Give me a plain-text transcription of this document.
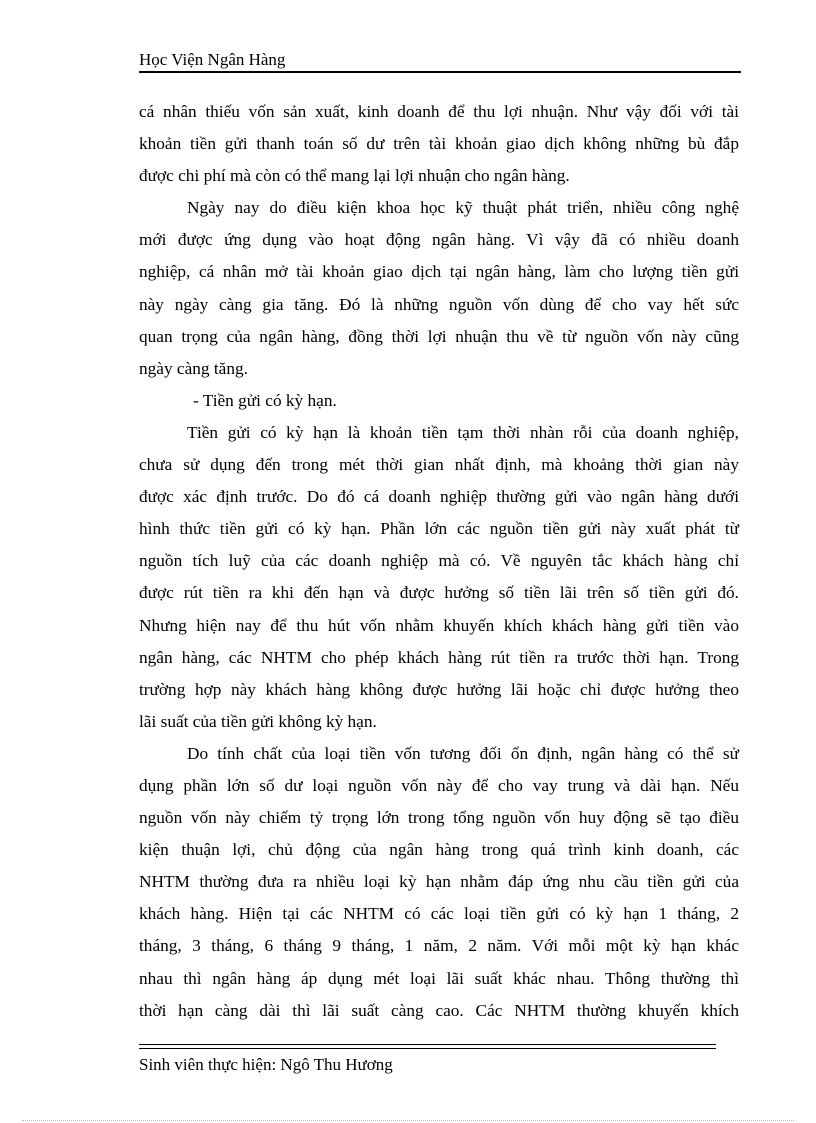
Học Viện Ngân Hàng
cá nhân thiếu vốn sản xuất, kinh doanh để thu lợi nhuận. Như vậy đối với tài
khoản tiền gửi thanh toán số dư trên tài khoản giao dịch không những bù đắp
được chi phí mà còn có thể mang lại lợi nhuận cho ngân hàng.
Ngày nay do điều kiện khoa học kỹ thuật phát triển, nhiều công nghệ
mới được ứng dụng vào hoạt động ngân hàng. Vì vậy đã có nhiều doanh
nghiệp, cá nhân mở tài khoản giao dịch tại ngân hàng, làm cho lượng tiền gửi
này ngày càng gia tăng. Đó là những nguồn vốn dùng để cho vay hết sức
quan trọng của ngân hàng, đồng thời lợi nhuận thu về từ nguồn vốn này cũng
ngày càng tăng.
- Tiền gửi có kỳ hạn.
Tiền gửi có kỳ hạn là khoản tiền tạm thời nhàn rỗi của doanh nghiệp,
chưa sử dụng đến trong mét thời gian nhất định, mà khoảng thời gian này
được xác định trước. Do đó cá doanh nghiệp thường gửi vào ngân hàng dưới
hình thức tiền gửi có kỳ hạn. Phần lớn các nguồn tiền gửi này xuất phát từ
nguồn tích luỹ của các doanh nghiệp mà có. Về nguyên tắc khách hàng chỉ
được rút tiền ra khi đến hạn và được hưởng số tiền lãi trên số tiền gửi đó.
Nhưng hiện nay để thu hút vốn nhằm khuyến khích khách hàng gửi tiền vào
ngân hàng, các NHTM cho phép khách hàng rút tiền ra trước thời hạn. Trong
trường hợp này khách hàng không được hưởng lãi hoặc chỉ được hưởng theo
lãi suất của tiền gửi không kỳ hạn.
Do tính chất của loại tiền vốn tương đối ổn định, ngân hàng có thể sử
dụng phần lớn số dư loại nguồn vốn này để cho vay trung và dài hạn. Nếu
nguồn vốn này chiếm tỷ trọng lớn trong tổng nguồn vốn huy động sẽ tạo điều
kiện thuận lợi, chủ động của ngân hàng trong quá trình kinh doanh, các
NHTM thường đưa ra nhiều loại kỳ hạn nhằm đáp ứng nhu cầu tiền gửi của
khách hàng. Hiện tại các NHTM có các loại tiền gửi có kỳ hạn 1 tháng, 2
tháng, 3 tháng, 6 tháng 9 tháng, 1 năm, 2 năm. Với mỗi một kỳ hạn khác
nhau thì ngân hàng áp dụng mét loại lãi suất khác nhau. Thông thường thì
thời hạn càng dài thì lãi suất càng cao. Các NHTM thường khuyến khích
Sinh viên thực hiện: Ngô Thu Hương
